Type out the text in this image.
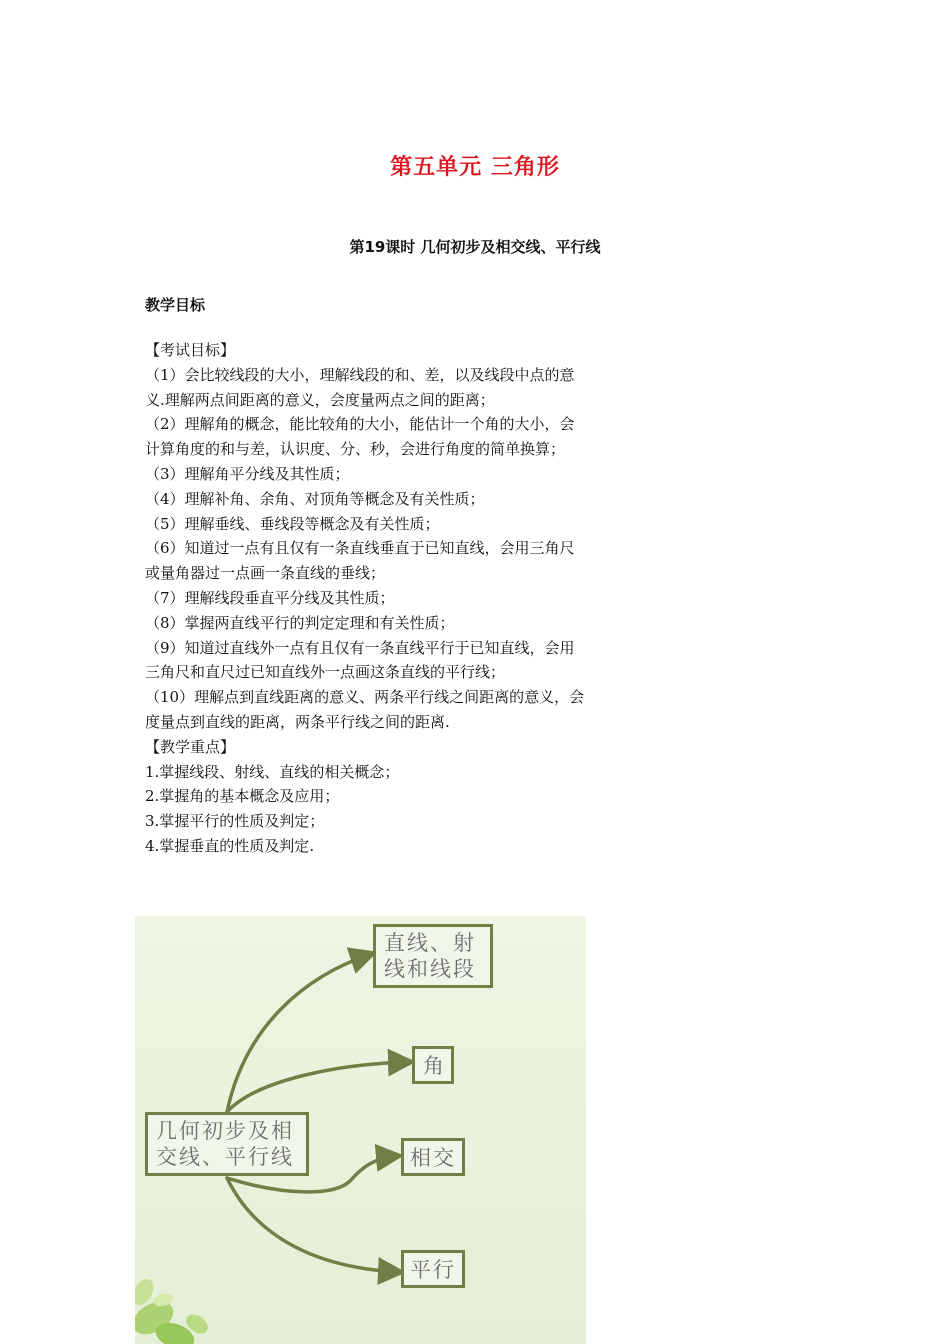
第五单元 三角形
第19课时 几何初步及相交线、平行线
教学目标
【考试目标】
（1）会比较线段的大小，理解线段的和、差，以及线段中点的意
义.理解两点间距离的意义，会度量两点之间的距离；
（2）理解角的概念，能比较角的大小，能估计一个角的大小，会
计算角度的和与差，认识度、分、秒，会进行角度的简单换算；
（3）理解角平分线及其性质；
（4）理解补角、余角、对顶角等概念及有关性质；
（5）理解垂线、垂线段等概念及有关性质；
（6）知道过一点有且仅有一条直线垂直于已知直线，会用三角尺
或量角器过一点画一条直线的垂线；
（7）理解线段垂直平分线及其性质；
（8）掌握两直线平行的判定定理和有关性质；
（9）知道过直线外一点有且仅有一条直线平行于已知直线，会用
三角尺和直尺过已知直线外一点画这条直线的平行线；
（10）理解点到直线距离的意义、两条平行线之间距离的意义，会
度量点到直线的距离，两条平行线之间的距离.
【教学重点】
1.掌握线段、射线、直线的相关概念；
2.掌握角的基本概念及应用；
3.掌握平行的性质及判定；
4.掌握垂直的性质及判定.
直线、射
线和线段
角
几何初步及相
交线、平行线	相交
平行
